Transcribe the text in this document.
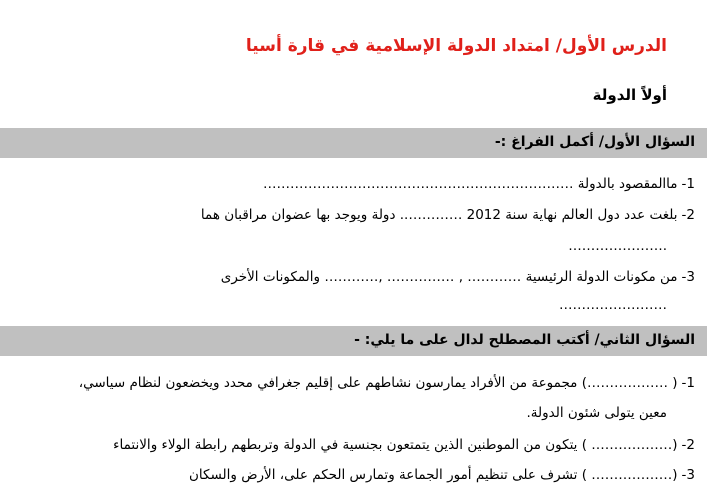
الدرس الأول/ امتداد الدولة الإسلامية في قارة أسيا
أولاً الدولة
السؤال الأول/ أكمل الفراغ :-
1-ماالمقصود بالدولة ……………………………………………………………
2-بلغت عدد دول العالم نهاية سنة 2012 ………….. دولة ويوجد بها عضوان مراقبان هما
………………….
3-من مكونات الدولة الرئيسية ………… , …………… ,………… والمكونات الأخرى
……………………
السؤال الثاني/ أكتب المصطلح لدال على ما يلي: -
1-( ………………) مجموعة من الأفراد يمارسون نشاطهم على إقليم جغرافي محدد ويخضعون لنظام سياسي،
معين يتولى شئون الدولة.
2-(……………… ) يتكون من الموطنين الذين يتمتعون بجنسية في الدولة وتربطهم رابطة الولاء والانتماء
3-(……………… ) تشرف على تنظيم أمور الجماعة وتمارس الحكم على، الأرض والسكان
